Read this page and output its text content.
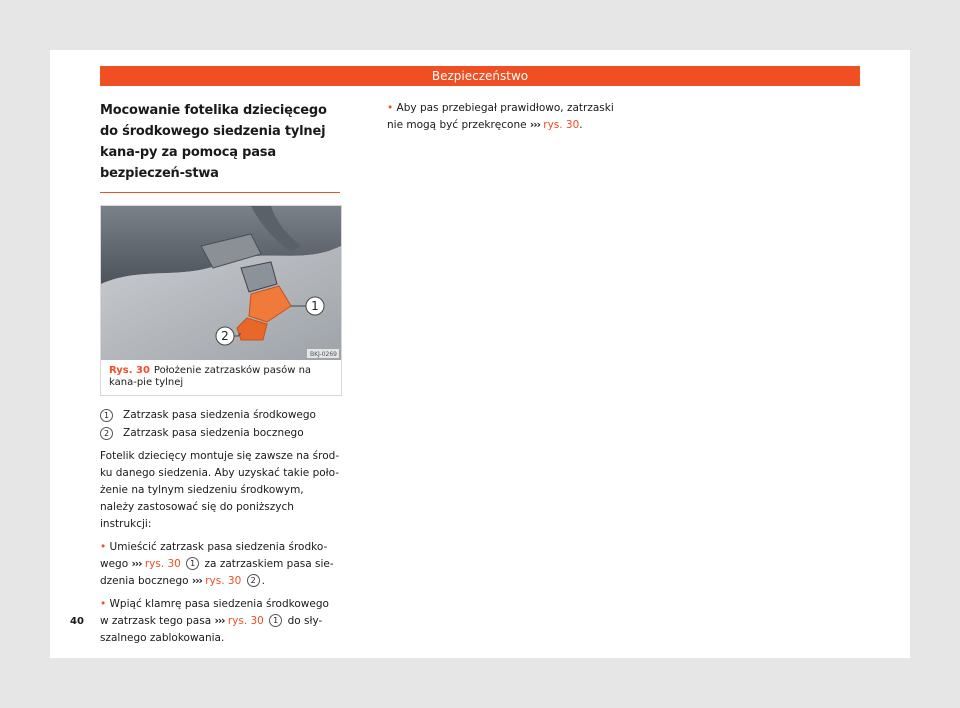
Bezpieczeństwo
Mocowanie fotelika dziecięcego do środkowego siedzenia tylnej kana-py za pomocą pasa bezpieczeń-stwa
1
2
BKJ-0269
Rys. 30 Położenie zatrzasków pasów na kana-pie tylnej
1	Zatrzask pasa siedzenia środkowego
2	Zatrzask pasa siedzenia bocznego

Fotelik dziecięcy montuje się zawsze na środ-ku danego siedzenia. Aby uzyskać takie poło-żenie na tylnym siedzeniu środkowym, należy zastosować się do poniższych instrukcji:

• Umieścić zatrzask pasa siedzenia środko-wego ››› rys. 30 1 za zatrzaskiem pasa sie-dzenia bocznego ››› rys. 30 2 .

• Wpiąć klamrę pasa siedzenia środkowego w zatrzask tego pasa ››› rys. 30 1 do sły-szalnego zablokowania.

• Aby pas przebiegał prawidłowo, zatrzaski nie mogą być przekręcone ››› rys. 30.

40
